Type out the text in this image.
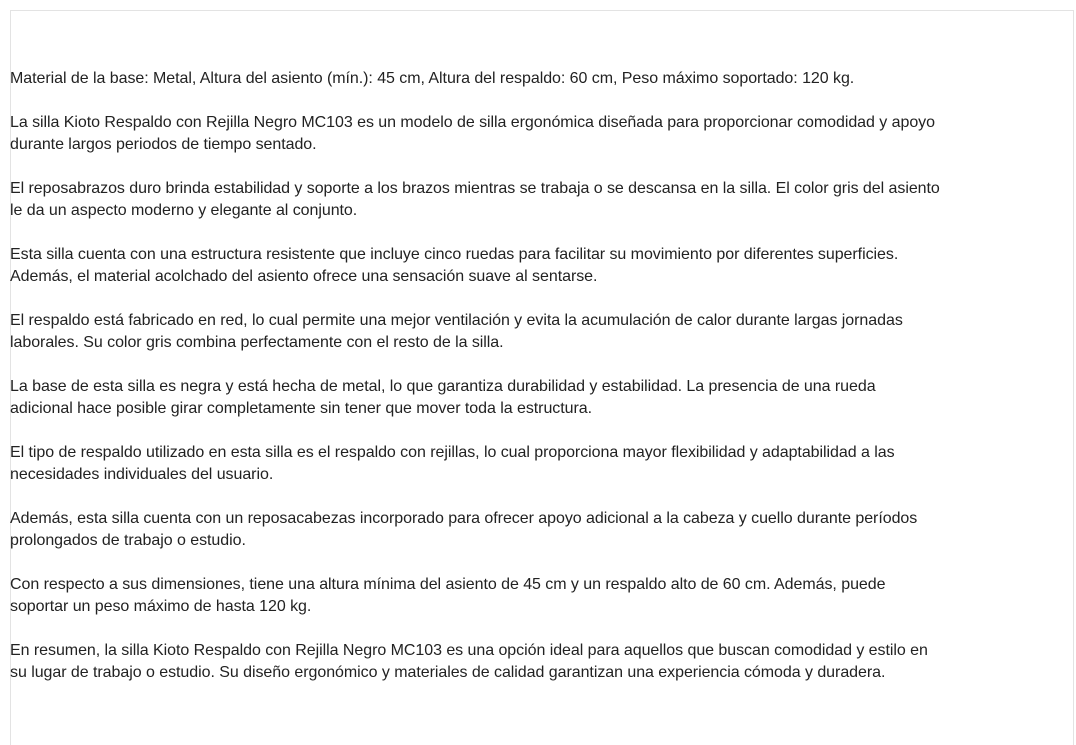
Material de la base: Metal, Altura del asiento (mín.): 45 cm, Altura del respaldo: 60 cm, Peso máximo soportado: 120 kg.

La silla Kioto Respaldo con Rejilla Negro MC103 es un modelo de silla ergonómica diseñada para proporcionar comodidad y apoyo
durante largos periodos de tiempo sentado.

El reposabrazos duro brinda estabilidad y soporte a los brazos mientras se trabaja o se descansa en la silla. El color gris del asiento
le da un aspecto moderno y elegante al conjunto.

Esta silla cuenta con una estructura resistente que incluye cinco ruedas para facilitar su movimiento por diferentes superficies.
Además, el material acolchado del asiento ofrece una sensación suave al sentarse.

El respaldo está fabricado en red, lo cual permite una mejor ventilación y evita la acumulación de calor durante largas jornadas
laborales. Su color gris combina perfectamente con el resto de la silla.

La base de esta silla es negra y está hecha de metal, lo que garantiza durabilidad y estabilidad. La presencia de una rueda
adicional hace posible girar completamente sin tener que mover toda la estructura.

El tipo de respaldo utilizado en esta silla es el respaldo con rejillas, lo cual proporciona mayor flexibilidad y adaptabilidad a las
necesidades individuales del usuario.

Además, esta silla cuenta con un reposacabezas incorporado para ofrecer apoyo adicional a la cabeza y cuello durante períodos
prolongados de trabajo o estudio.

Con respecto a sus dimensiones, tiene una altura mínima del asiento de 45 cm y un respaldo alto de 60 cm. Además, puede
soportar un peso máximo de hasta 120 kg.

En resumen, la silla Kioto Respaldo con Rejilla Negro MC103 es una opción ideal para aquellos que buscan comodidad y estilo en
su lugar de trabajo o estudio. Su diseño ergonómico y materiales de calidad garantizan una experiencia cómoda y duradera.
